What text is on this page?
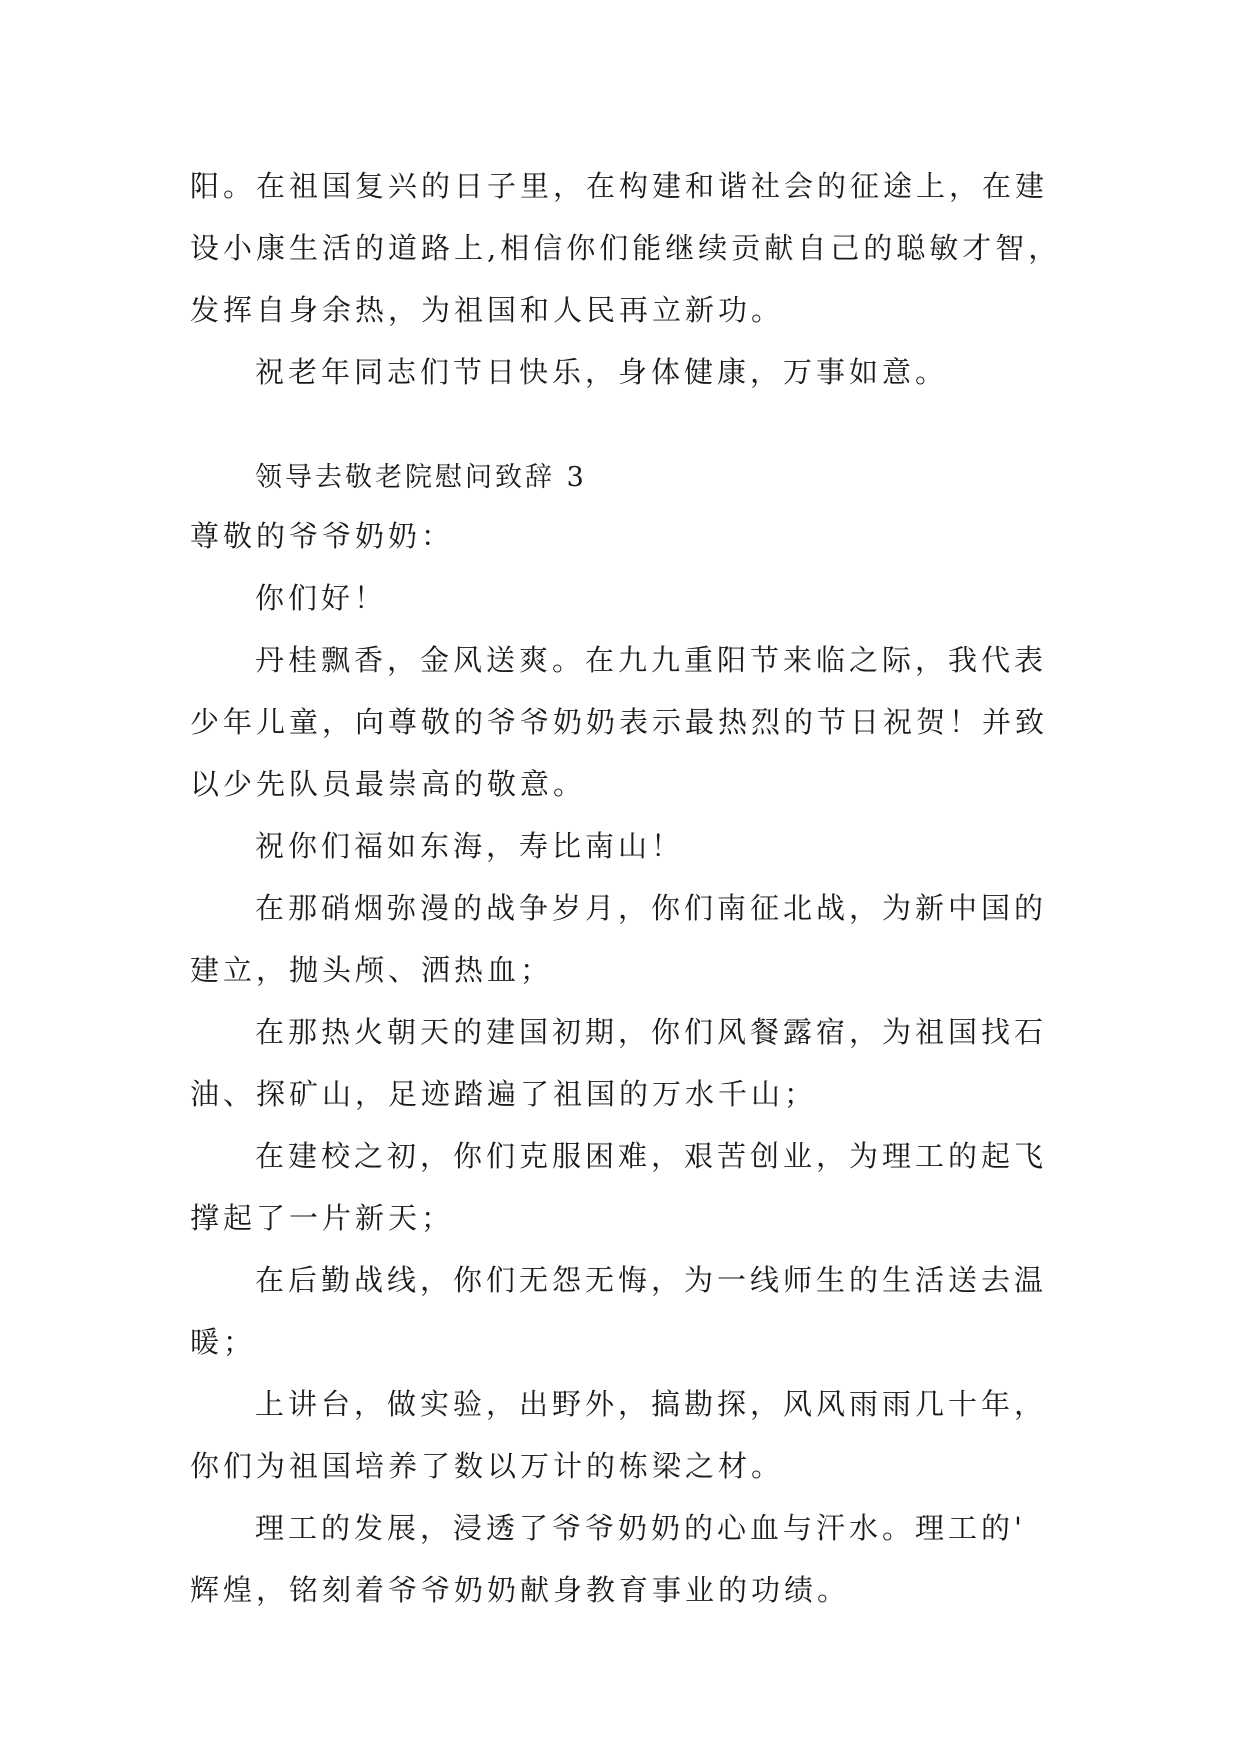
阳。在祖国复兴的日子里，在构建和谐社会的征途上，在建
设小康生活的道路上,相信你们能继续贡献自己的聪敏才智，
发挥自身余热，为祖国和人民再立新功。
祝老年同志们节日快乐，身体健康，万事如意。
领导去敬老院慰问致辞 3
尊敬的爷爷奶奶：
你们好！
丹桂飘香，金风送爽。在九九重阳节来临之际，我代表
少年儿童，向尊敬的爷爷奶奶表示最热烈的节日祝贺！并致
以少先队员最崇高的敬意。
祝你们福如东海，寿比南山！
在那硝烟弥漫的战争岁月，你们南征北战，为新中国的
建立，抛头颅、洒热血；
在那热火朝天的建国初期，你们风餐露宿，为祖国找石
油、探矿山，足迹踏遍了祖国的万水千山；
在建校之初，你们克服困难，艰苦创业，为理工的起飞
撑起了一片新天；
在后勤战线，你们无怨无悔，为一线师生的生活送去温
暖；
上讲台，做实验，出野外，搞勘探，风风雨雨几十年，
你们为祖国培养了数以万计的栋梁之材。
理工的发展，浸透了爷爷奶奶的心血与汗水。理工的'
辉煌，铭刻着爷爷奶奶献身教育事业的功绩。
